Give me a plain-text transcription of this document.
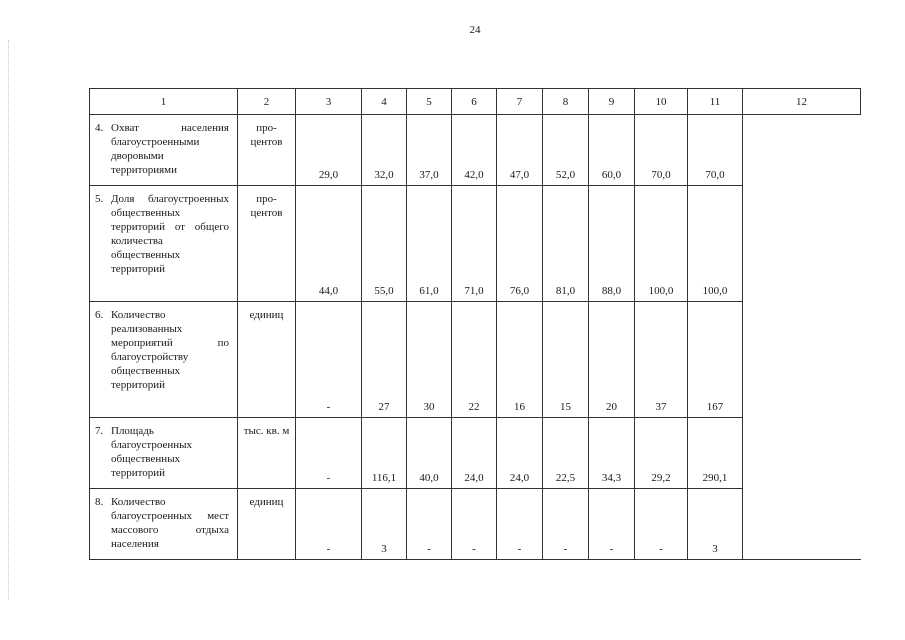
24
1	2	3	4	5	6	7	8	9	10	11	12
4. Охват населения благоустроенными дворовыми территориями	про-центов	29,0	32,0	37,0	42,0	47,0	52,0	60,0	70,0	70,0	
5. Доля благоустроенных общественных территорий от общего количества общественных территорий	про-центов	44,0	55,0	61,0	71,0	76,0	81,0	88,0	100,0	100,0	
6. Количество реализованных мероприятий по благоустройству общественных территорий	единиц	-	27	30	22	16	15	20	37	167	
7. Площадь благоустроенных общественных территорий	тыс. кв. м	-	116,1	40,0	24,0	24,0	22,5	34,3	29,2	290,1	
8. Количество благоустроенных мест массового отдыха населения	единиц	-	3	-	-	-	-	-	-	3	
